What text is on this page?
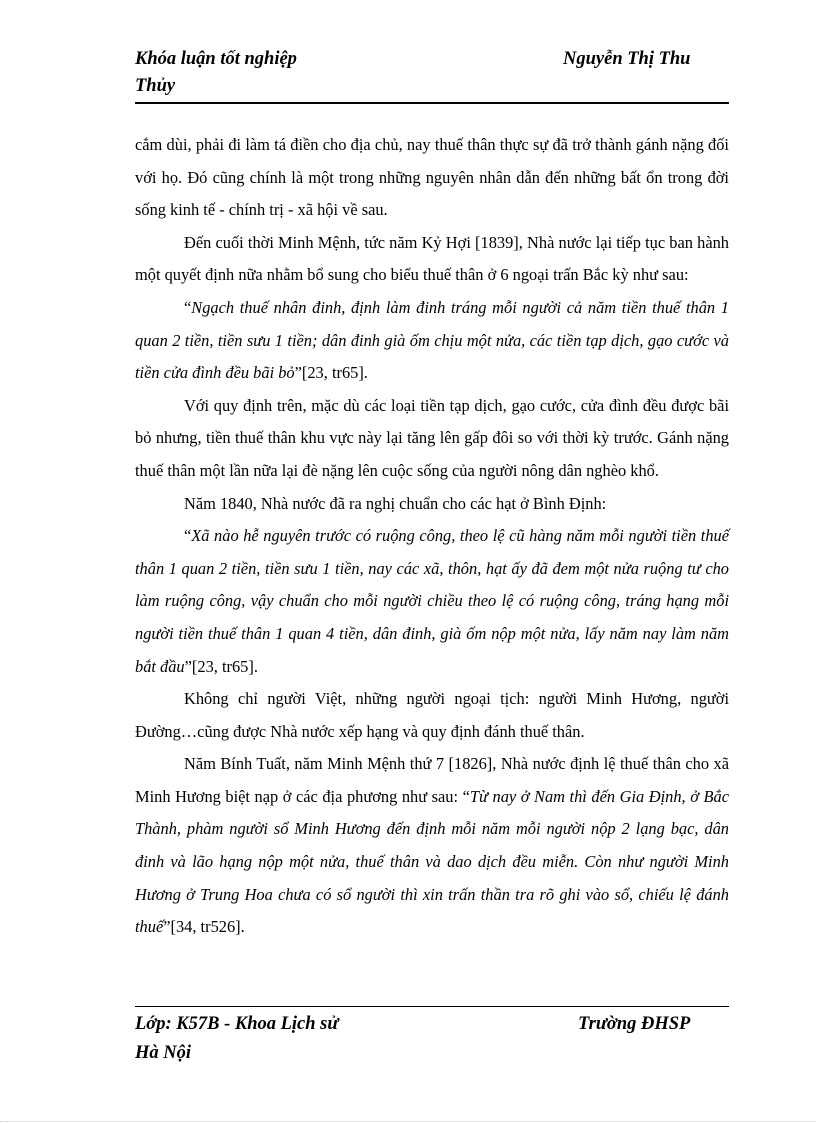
Khóa luận tốt nghiệp	Nguyễn Thị Thu
Thủy

cắm dùi, phải đi làm tá điền cho địa chủ, nay thuế thân thực sự đã trở thành gánh nặng đối với họ. Đó cũng chính là một trong những nguyên nhân dẫn đến những bất ổn trong đời sống kinh tế - chính trị - xã hội về sau.

Đến cuối thời Minh Mệnh, tức năm Kỷ Hợi [1839], Nhà nước lại tiếp tục ban hành một quyết định nữa nhằm bổ sung cho biểu thuế thân ở 6 ngoại trấn Bắc kỳ như sau:

“Ngạch thuế nhân đinh, định làm đinh tráng mỗi người cả năm tiền thuế thân 1 quan 2 tiền, tiền sưu 1 tiền; dân đinh già ốm chịu một nửa, các tiền tạp dịch, gạo cước và tiền cửa đình đều bãi bỏ”[23, tr65].

Với quy định trên, mặc dù các loại tiền tạp dịch, gạo cước, cửa đình đều được bãi bỏ nhưng, tiền thuế thân khu vực này lại tăng lên gấp đôi so với thời kỳ trước. Gánh nặng thuế thân một lần nữa lại đè nặng lên cuộc sống của người nông dân nghèo khổ.

Năm 1840, Nhà nước đã ra nghị chuẩn cho các hạt ở Bình Định:

“Xã nào hễ nguyên trước có ruộng công, theo lệ cũ hàng năm mỗi người tiền thuế thân 1 quan 2 tiền, tiền sưu 1 tiền, nay các xã, thôn, hạt ấy đã đem một nửa ruộng tư cho làm ruộng công, vậy chuẩn cho mỗi người chiều theo lệ có ruộng công, tráng hạng mỗi người tiền thuế thân 1 quan 4 tiền, dân đinh, già ốm nộp một nửa, lấy năm nay làm năm bắt đầu”[23, tr65].

Không chỉ người Việt, những người ngoại tịch: người Minh Hương, người Đường…cũng được Nhà nước xếp hạng và quy định đánh thuế thân.

Năm Bính Tuất, năm Minh Mệnh thứ 7 [1826], Nhà nước định lệ thuế thân cho xã Minh Hương biệt nạp ở các địa phương như sau: “Từ nay ở Nam thì đến Gia Định, ở Bắc Thành, phàm người sổ Minh Hương đến định mỗi năm mỗi người nộp 2 lạng bạc, dân đinh và lão hạng nộp một nửa, thuế thân và dao dịch đều miễn. Còn như người Minh Hương ở Trung Hoa chưa có sổ người thì xin trấn thần tra rõ ghi vào sổ, chiếu lệ đánh thuế”[34, tr526].

Lớp: K57B - Khoa Lịch sử	Trường ĐHSP
Hà Nội
